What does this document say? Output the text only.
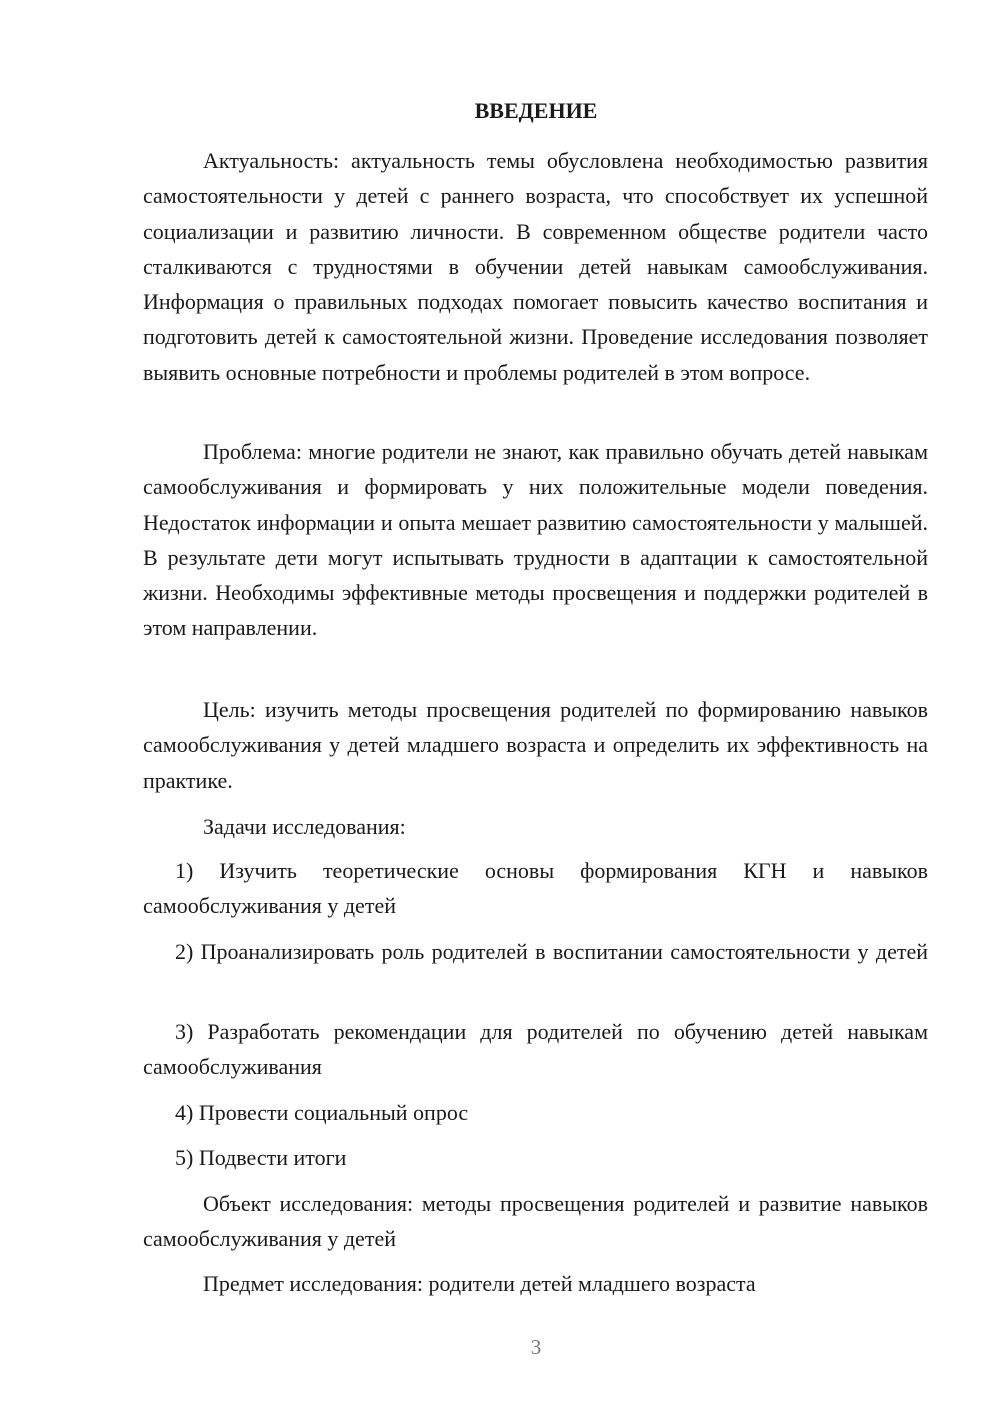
ВВЕДЕНИЕ
Актуальность: актуальность темы обусловлена необходимостью развития самостоятельности у детей с раннего возраста, что способствует их успешной социализации и развитию личности. В современном обществе родители часто сталкиваются с трудностями в обучении детей навыкам самообслуживания. Информация о правильных подходах помогает повысить качество воспитания и подготовить детей к самостоятельной жизни. Проведение исследования позволяет выявить основные потребности и проблемы родителей в этом вопросе.
Проблема: многие родители не знают, как правильно обучать детей навыкам самообслуживания и формировать у них положительные модели поведения. Недостаток информации и опыта мешает развитию самостоятельности у малышей. В результате дети могут испытывать трудности в адаптации к самостоятельной жизни. Необходимы эффективные методы просвещения и поддержки родителей в этом направлении.
Цель: изучить методы просвещения родителей по формированию навыков самообслуживания у детей младшего возраста и определить их эффективность на практике.
Задачи исследования:
1) Изучить теоретические основы формирования КГН и навыков самообслуживания у детей
2) Проанализировать роль родителей в воспитании самостоятельности у детей
3) Разработать рекомендации для родителей по обучению детей навыкам самообслуживания
4) Провести социальный опрос
5) Подвести итоги
Объект исследования: методы просвещения родителей и развитие навыков самообслуживания у детей
Предмет исследования: родители детей младшего возраста
3
